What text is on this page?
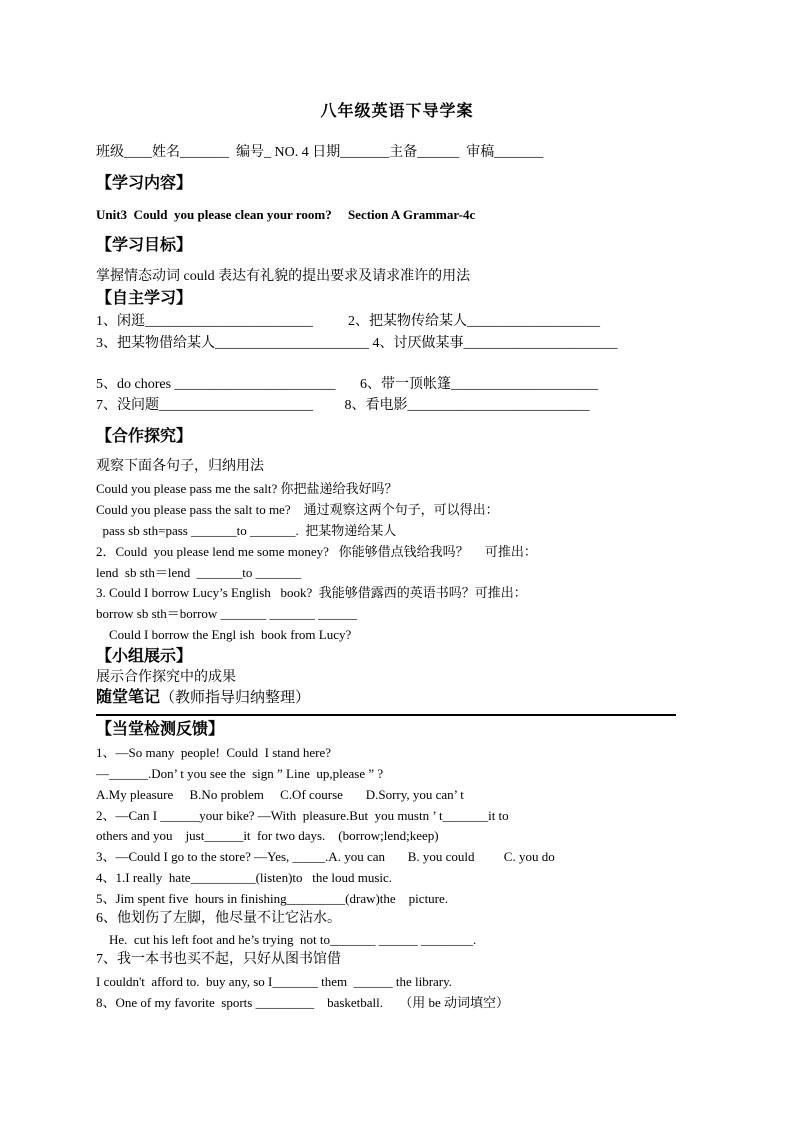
八年级英语下导学案
班级____姓名_______  编号_ NO. 4 日期_______主备______  审稿_______
【学习内容】
Unit3  Could  you please clean your room?     Section A Grammar-4c
【学习目标】
掌握情态动词 could 表达有礼貌的提出要求及请求准许的用法
【自主学习】
1、闲逛________________________          2、把某物传给某人___________________
3、把某物借给某人______________________ 4、讨厌做某事______________________
5、do chores _______________________       6、带一顶帐篷_____________________
7、没问题______________________         8、看电影__________________________
【合作探究】
观察下面各句子，归纳用法
Could you please pass me the salt? 你把盐递给我好吗？
Could you please pass the salt to me?    通过观察这两个句子，可以得出：
pass sb sth=pass _______to _______.  把某物递给某人
2．Could  you please lend me some money?   你能够借点钱给我吗？     可推出：
lend  sb sth＝lend  _______to _______
3. Could I borrow Lucy’s English   book?  我能够借露西的英语书吗？可推出：
borrow sb sth＝borrow _______ _______ ______
Could I borrow the Engl ish  book from Lucy?
【小组展示】
展示合作探究中的成果
随堂笔记（教师指导归纳整理）
【当堂检测反馈】
1、—So many  people!  Could  I stand here?
—______.Don’ t you see the  sign ” Line  up,please ” ?
A.My pleasure     B.No problem     C.Of course       D.Sorry, you can’ t
2、—Can I ______your bike? —With  pleasure.But  you mustn ’ t_______it to
others and you    just______it  for two days.    (borrow;lend;keep)
3、—Could I go to the store? —Yes, _____.A. you can       B. you could         C. you do
4、1.I really  hate__________(listen)to   the loud music.
5、Jim spent five  hours in finishing_________(draw)the    picture.
6、他划伤了左脚，他尽量不让它沾水。
He.  cut his left foot and he’s trying  not to_______ ______ ________.
7、我一本书也买不起，只好从图书馆借
I couldn't  afford to.  buy any, so I_______ them  ______ the library.
8、One of my favorite  sports _________    basketball.     （用 be 动词填空）
